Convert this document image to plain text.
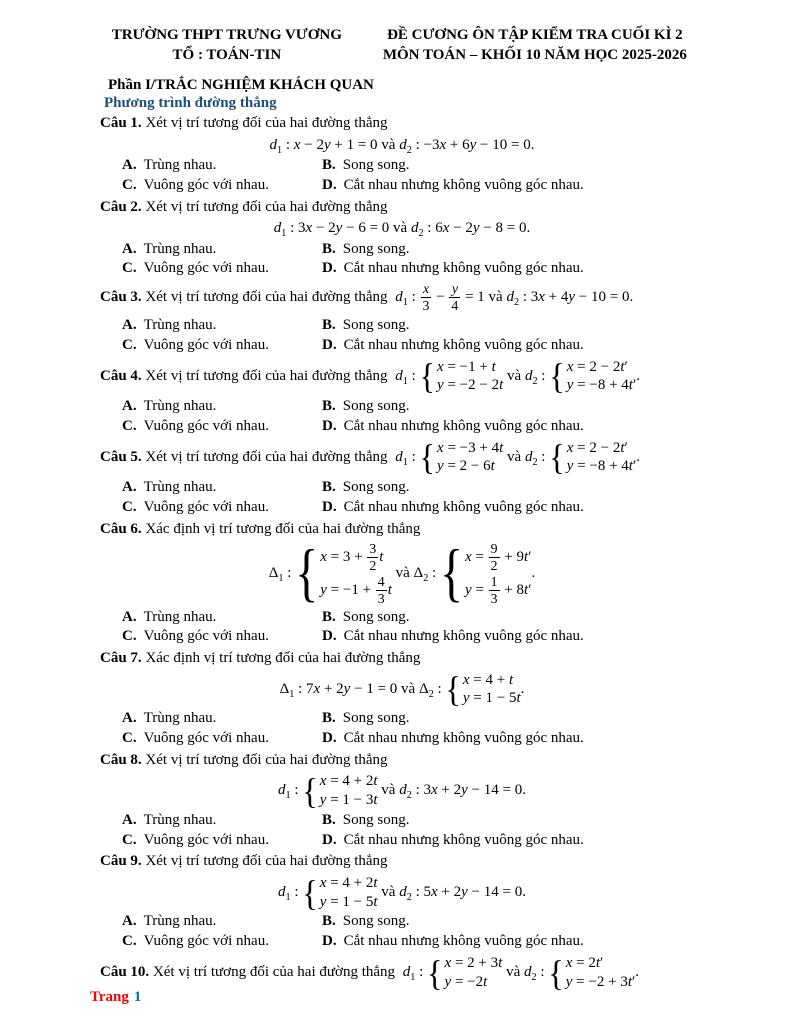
TRƯỜNG THPT TRƯNG VƯƠNG
TỔ : TOÁN-TIN
ĐỀ CƯƠNG ÔN TẬP KIỂM TRA CUỐI KÌ 2
MÔN TOÁN – KHỐI 10 NĂM HỌC 2025-2026
Phần I/TRẮC NGHIỆM KHÁCH QUAN
Phương trình đường thẳng

Câu 1. Xét vị trí tương đối của hai đường thẳng

$d_1$ : x − 2y + 1 = 0 và $d_2$ : −3x + 6y − 10 = 0.
A. Trùng nhau.	B. Song song.
C. Vuông góc với nhau.	D. Cắt nhau nhưng không vuông góc nhau.

Câu 2. Xét vị trí tương đối của hai đường thẳng

$d_1$ : 3x − 2y − 6 = 0 và $d_2$ : 6x − 2y − 8 = 0.
A. Trùng nhau.	B. Song song.
C. Vuông góc với nhau.	D. Cắt nhau nhưng không vuông góc nhau.

Câu 3. Xét vị trí tương đối của hai đường thẳng $d_1$ : $\frac{x}{3} - \frac{y}{4} = 1$ và $d_2$ : 3x + 4y − 10 = 0.

A. Trùng nhau.	B. Song song.
C. Vuông góc với nhau.	D. Cắt nhau nhưng không vuông góc nhau.

Câu 4. Xét vị trí tương đối của hai đường thẳng $d_1$ : { x = −1 + t
y = −2 − 2t
và $d_2$ : { x = 2 − 2t′
y = −8 + 4t′
.

A. Trùng nhau.	B. Song song.
C. Vuông góc với nhau.	D. Cắt nhau nhưng không vuông góc nhau.

Câu 5. Xét vị trí tương đối của hai đường thẳng $d_1$ : { x = −3 + 4t
y = 2 − 6t
và $d_2$ : { x = 2 − 2t′
y = −8 + 4t′
.

A. Trùng nhau.	B. Song song.
C. Vuông góc với nhau.	D. Cắt nhau nhưng không vuông góc nhau.

Câu 6. Xác định vị trí tương đối của hai đường thẳng

$\Delta_1$ : { $x = 3 + \frac{3}{2}$ t
$y = -1 + \frac{4}{3}$ t
và $\Delta_2$ : { $x = \frac{9}{2} + 9t'$
$y = \frac{1}{3} + 8t'$
.
A. Trùng nhau.	B. Song song.
C. Vuông góc với nhau.	D. Cắt nhau nhưng không vuông góc nhau.

Câu 7. Xác định vị trí tương đối của hai đường thẳng

$\Delta_1$ : 7x + 2y − 1 = 0 và $\Delta_2$ : { x = 4 + t
y = 1 − 5t
.
A. Trùng nhau.	B. Song song.
C. Vuông góc với nhau.	D. Cắt nhau nhưng không vuông góc nhau.

Câu 8. Xét vị trí tương đối của hai đường thẳng

$d_1$ : { x = 4 + 2t
y = 1 − 3t
và $d_2$ : 3x + 2y − 14 = 0.
A. Trùng nhau.	B. Song song.
C. Vuông góc với nhau.	D. Cắt nhau nhưng không vuông góc nhau.

Câu 9. Xét vị trí tương đối của hai đường thẳng

$d_1$ : { x = 4 + 2t
y = 1 − 5t
và $d_2$ : 5x + 2y − 14 = 0.
A. Trùng nhau.	B. Song song.
C. Vuông góc với nhau.	D. Cắt nhau nhưng không vuông góc nhau.

Câu 10. Xét vị trí tương đối của hai đường thẳng $d_1$ : { x = 2 + 3t
y = −2t
và $d_2$ : { x = 2t′
y = −2 + 3t′
.

Trang 1
